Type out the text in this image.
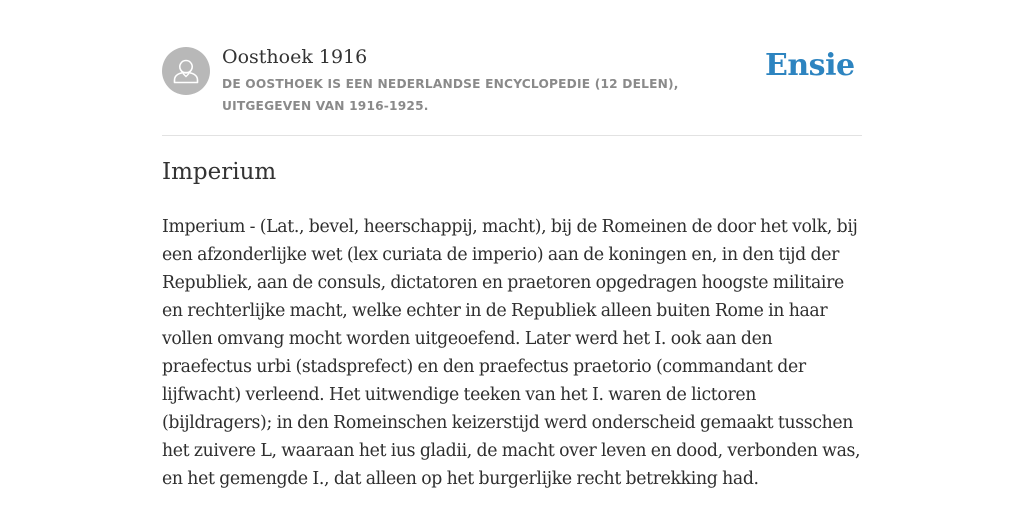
Oosthoek 1916
DE OOSTHOEK IS EEN NEDERLANDSE ENCYCLOPEDIE (12 DELEN), UITGEGEVEN VAN 1916-1925.
Ensie
Imperium

Imperium - (Lat., bevel, heerschappij, macht), bij de Romeinen de door het volk, bij een afzonderlijke wet (lex curiata de imperio) aan de koningen en, in den tijd der Republiek, aan de consuls, dictatoren en praetoren opgedragen hoogste militaire en rechterlijke macht, welke echter in de Republiek alleen buiten Rome in haar vollen omvang mocht worden uitgeoefend. Later werd het I. ook aan den praefectus urbi (stadsprefect) en den praefectus praetorio (commandant der lijfwacht) verleend. Het uitwendige teeken van het I. waren de lictoren (bijldragers); in den Romeinschen keizerstijd werd onderscheid gemaakt tusschen het zuivere L, waaraan het ius gladii, de macht over leven en dood, verbonden was, en het gemengde I., dat alleen op het burgerlijke recht betrekking had.
